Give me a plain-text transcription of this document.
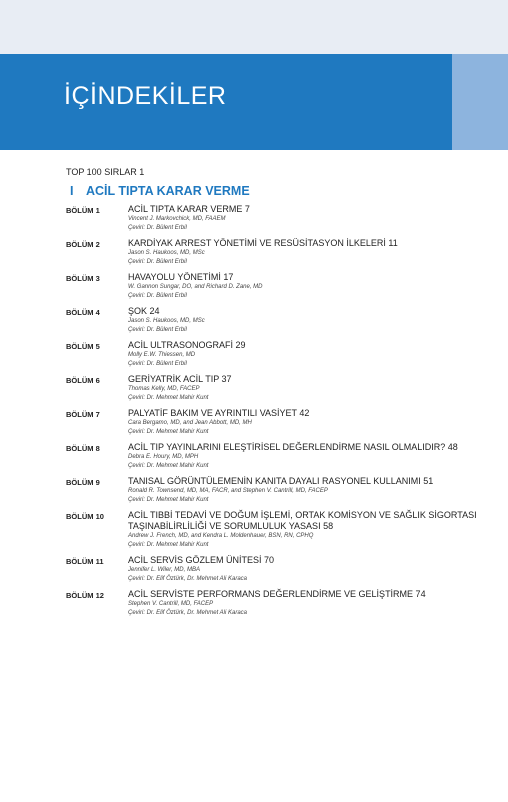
İÇİNDEKİLER
TOP 100 SIRLAR 1
I	ACİL TIPTA KARAR VERME
BÖLÜM 1	ACİL TIPTA KARAR VERME 7
Vincent J. Markovchick, MD, FAAEM
Çeviri: Dr. Bülent Erbil
BÖLÜM 2	KARDİYAK ARREST YÖNETİMİ VE RESÜSİTASYON İLKELERİ 11
Jason S. Haukoos, MD, MSc
Çeviri: Dr. Bülent Erbil
BÖLÜM 3	HAVAYOLU YÖNETİMİ 17
W. Gannon Sungar, DO, and Richard D. Zane, MD
Çeviri: Dr. Bülent Erbil
BÖLÜM 4	ŞOK 24
Jason S. Haukoos, MD, MSc
Çeviri: Dr. Bülent Erbil
BÖLÜM 5	ACİL ULTRASONOGRAFİ 29
Molly E.W. Thiessen, MD
Çeviri: Dr. Bülent Erbil
BÖLÜM 6	GERİYATRİK ACİL TIP 37
Thomas Kelly, MD, FACEP
Çeviri: Dr. Mehmet Mahir Kunt
BÖLÜM 7	PALYATİF BAKIM VE AYRINTILI VASİYET 42
Cara Bergamo, MD, and Jean Abbott, MD, MH
Çeviri: Dr. Mehmet Mahir Kunt
BÖLÜM 8	ACİL TIP YAYINLARINI ELEŞTİRİSEL DEĞERLENDİRME NASIL OLMALIDIR? 48
Debra E. Houry, MD, MPH
Çeviri: Dr. Mehmet Mahir Kunt
BÖLÜM 9	TANISAL GÖRÜNTÜLEMENİN KANITA DAYALI RASYONEL KULLANIMI 51
Ronald R. Townsend, MD, MA, FACR, and Stephen V. Cantrill, MD, FACEP
Çeviri: Dr. Mehmet Mahir Kunt
BÖLÜM 10	ACİL TIBBİ TEDAVİ VE DOĞUM İŞLEMİ, ORTAK KOMİSYON VE SAĞLIK SİGORTASI TAŞINABİLİRLİLİĞİ VE SORUMLULUK YASASI 58
Andrew J. French, MD, and Kendra L. Moldenhauer, BSN, RN, CPHQ
Çeviri: Dr. Mehmet Mahir Kunt
BÖLÜM 11	ACİL SERVİS GÖZLEM ÜNİTESİ 70
Jennifer L. Wiler, MD, MBA
Çeviri: Dr. Elif Öztürk, Dr. Mehmet Ali Karaca
BÖLÜM 12	ACİL SERVİSTE PERFORMANS DEĞERLENDİRME VE GELİŞTİRME 74
Stephen V. Cantrill, MD, FACEP
Çeviri: Dr. Elif Öztürk, Dr. Mehmet Ali Karaca
